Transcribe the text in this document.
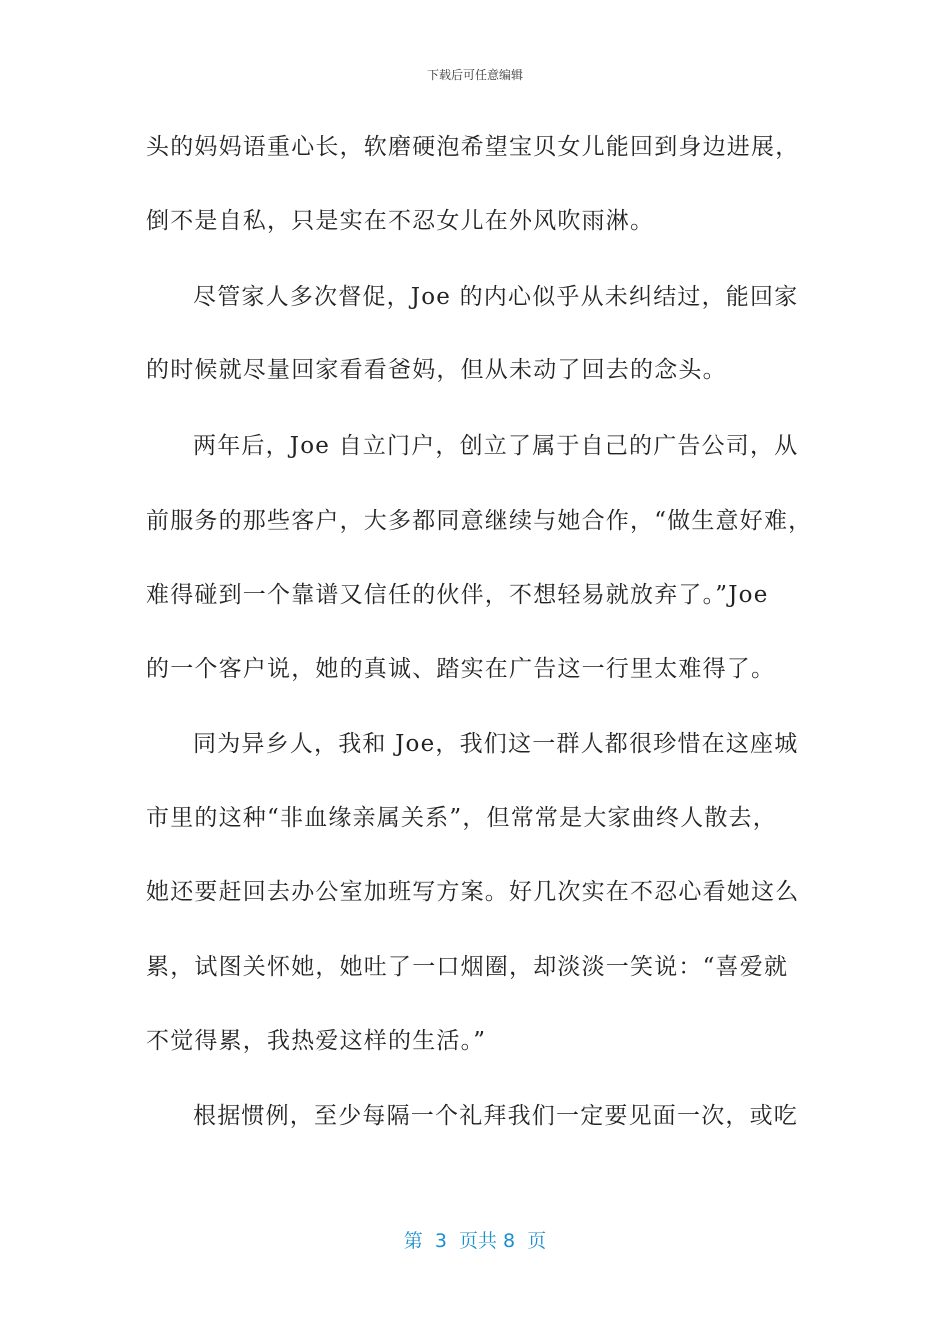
下载后可任意编辑
头的妈妈语重心长，软磨硬泡希望宝贝女儿能回到身边进展，
倒不是自私，只是实在不忍女儿在外风吹雨淋。
尽管家人多次督促，Joe 的内心似乎从未纠结过，能回家
的时候就尽量回家看看爸妈，但从未动了回去的念头。
两年后，Joe 自立门户，创立了属于自己的广告公司，从
前服务的那些客户，大多都同意继续与她合作，“做生意好难，
难得碰到一个靠谱又信任的伙伴，不想轻易就放弃了。”Joe
的一个客户说，她的真诚、踏实在广告这一行里太难得了。
同为异乡人，我和 Joe，我们这一群人都很珍惜在这座城
市里的这种“非血缘亲属关系”，但常常是大家曲终人散去，
她还要赶回去办公室加班写方案。好几次实在不忍心看她这么
累，试图关怀她，她吐了一口烟圈，却淡淡一笑说：“喜爱就
不觉得累，我热爱这样的生活。”
根据惯例，至少每隔一个礼拜我们一定要见面一次，或吃
第  3  页共 8  页
